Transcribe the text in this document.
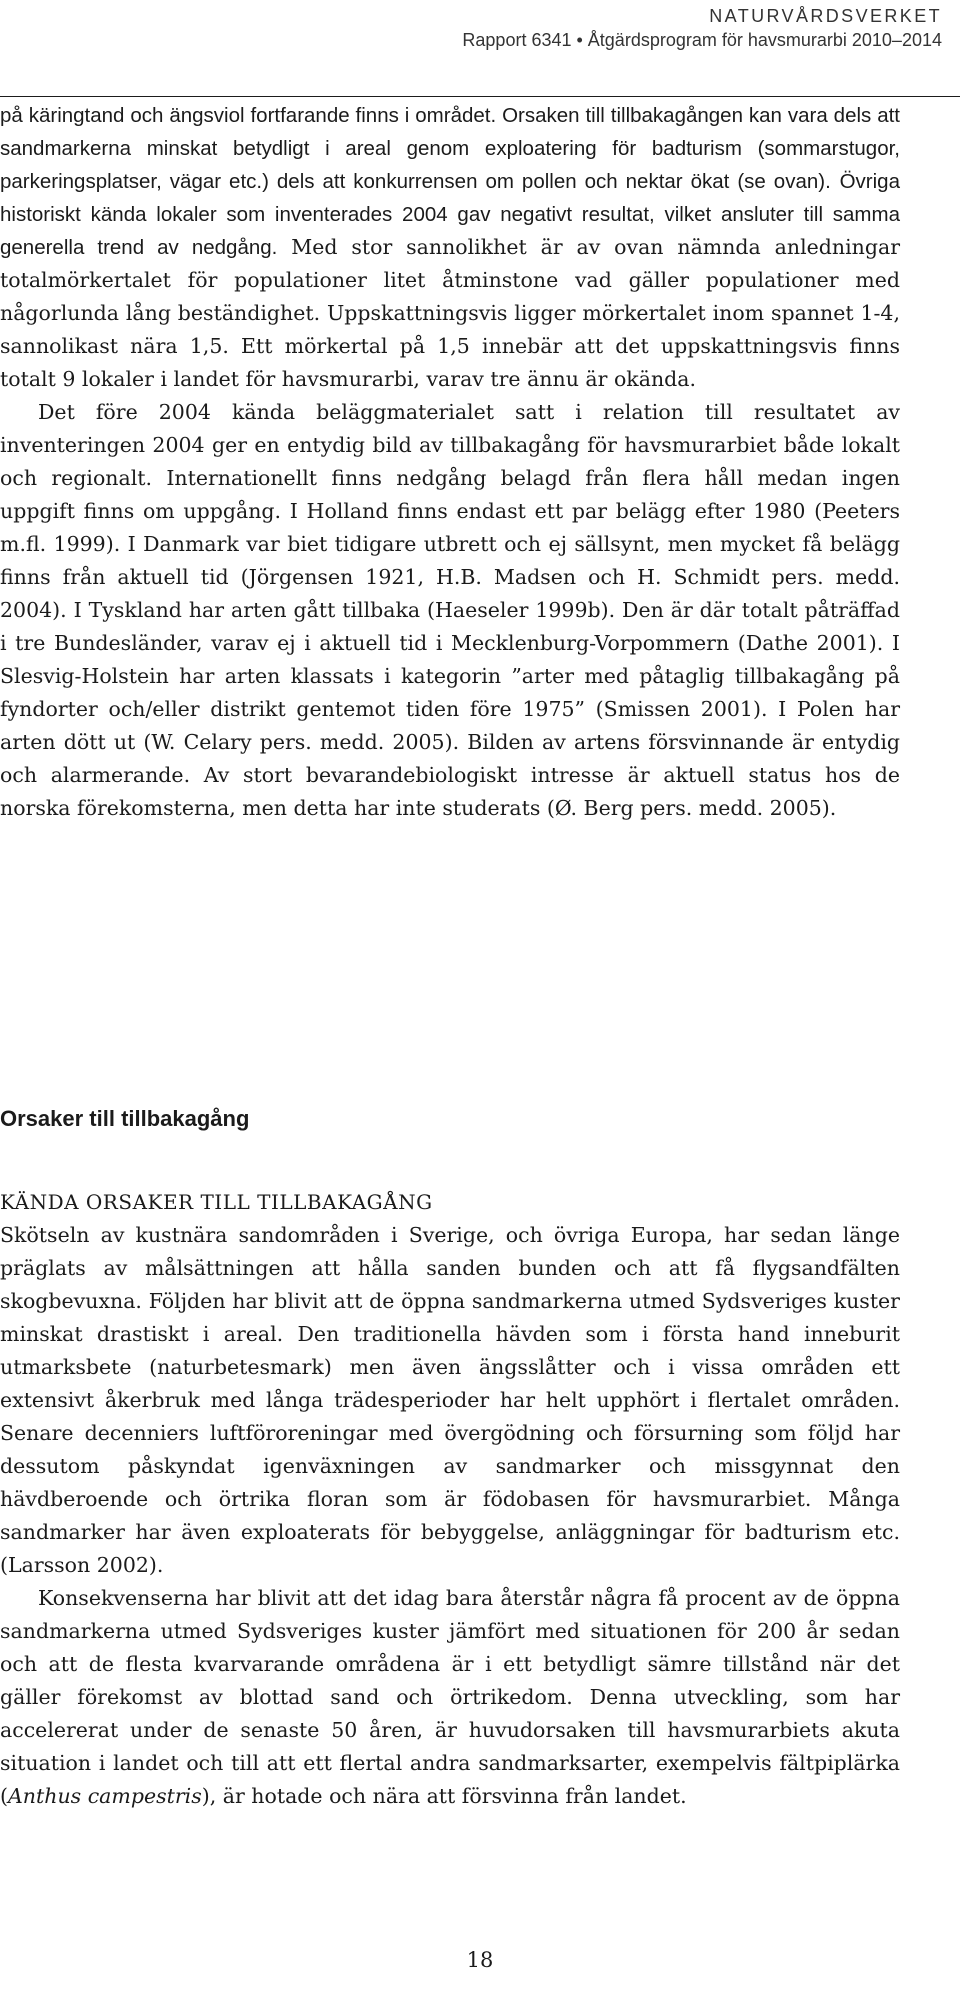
NATURVÅRDSVERKET
Rapport 6341 • Åtgärdsprogram för havsmurarbi 2010–2014

på käringtand och ängsviol fortfarande finns i området. Orsaken till tillbakagången kan vara dels att sandmarkerna minskat betydligt i areal genom exploatering för badturism (sommarstugor, parkeringsplatser, vägar etc.) dels att konkurrensen om pollen och nektar ökat (se ovan). Övriga historiskt kända lokaler som inventerades 2004 gav negativt resultat, vilket ansluter till samma generella trend av nedgång. Med stor sannolikhet är av ovan nämnda anledningar totalmörkertalet för populationer litet åtminstone vad gäller populationer med någorlunda lång beständighet. Uppskattningsvis ligger mörkertalet inom spannet 1-4, sannolikast nära 1,5. Ett mörkertal på 1,5 innebär att det uppskattningsvis finns totalt 9 lokaler i landet för havsmurarbi, varav tre ännu är okända.

Det före 2004 kända beläggmaterialet satt i relation till resultatet av inventeringen 2004 ger en entydig bild av tillbakagång för havsmurarbiet både lokalt och regionalt. Internationellt finns nedgång belagd från flera håll medan ingen uppgift finns om uppgång. I Holland finns endast ett par belägg efter 1980 (Peeters m.fl. 1999). I Danmark var biet tidigare utbrett och ej sällsynt, men mycket få belägg finns från aktuell tid (Jörgensen 1921, H.B. Madsen och H. Schmidt pers. medd. 2004). I Tyskland har arten gått tillbaka (Haeseler 1999b). Den är där totalt påträffad i tre Bundesländer, varav ej i aktuell tid i Mecklenburg-Vorpommern (Dathe 2001). I Slesvig-Holstein har arten klassats i kategorin ”arter med påtaglig tillbakagång på fyndorter och/eller distrikt gentemot tiden före 1975” (Smissen 2001). I Polen har arten dött ut (W. Celary pers. medd. 2005). Bilden av artens försvinnande är entydig och alarmerande. Av stort bevarandebiologiskt intresse är aktuell status hos de norska förekomsterna, men detta har inte studerats (Ø. Berg pers. medd. 2005).

Orsaker till tillbakagång
KÄNDA ORSAKER TILL TILLBAKAGÅNG

Skötseln av kustnära sandområden i Sverige, och övriga Europa, har sedan länge präglats av målsättningen att hålla sanden bunden och att få flygsandfälten skogbevuxna. Följden har blivit att de öppna sandmarkerna utmed Sydsveriges kuster minskat drastiskt i areal. Den traditionella hävden som i första hand inneburit utmarksbete (naturbetesmark) men även ängsslåtter och i vissa områden ett extensivt åkerbruk med långa trädesperioder har helt upphört i flertalet områden. Senare decenniers luftföroreningar med övergödning och försurning som följd har dessutom påskyndat igenväxningen av sandmarker och missgynnat den hävdberoende och örtrika floran som är födobasen för havsmurarbiet. Många sandmarker har även exploaterats för bebyggelse, anläggningar för badturism etc. (Larsson 2002).

Konsekvenserna har blivit att det idag bara återstår några få procent av de öppna sandmarkerna utmed Sydsveriges kuster jämfört med situationen för 200 år sedan och att de flesta kvarvarande områdena är i ett betydligt sämre tillstånd när det gäller förekomst av blottad sand och örtrikedom. Denna utveckling, som har accelererat under de senaste 50 åren, är huvudorsaken till havsmurarbiets akuta situation i landet och till att ett flertal andra sandmarksarter, exempelvis fältpiplärka (Anthus campestris), är hotade och nära att försvinna från landet.

18
